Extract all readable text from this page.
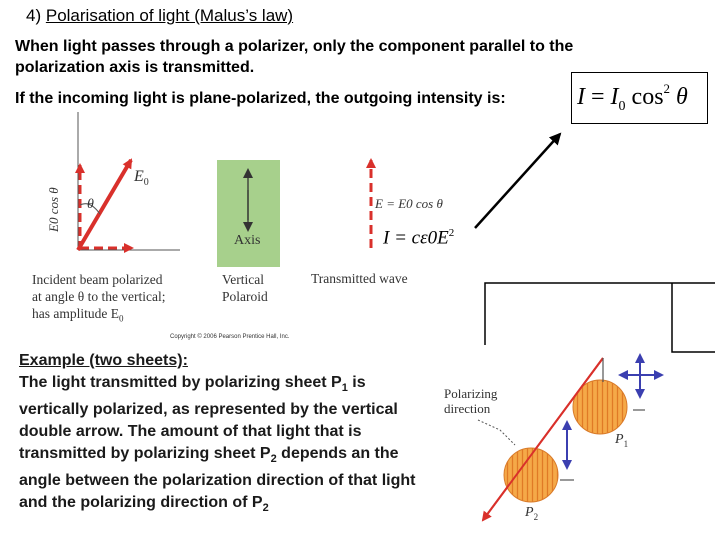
4) Polarisation of light (Malus’s law)
When light passes through a polarizer, only the component parallel to the polarization axis is transmitted.
If the incoming light is plane-polarized, the outgoing intensity is:	$I = I_0$ $\cos^2 \theta$
$E_0$
θ
E0 cos θ
Axis
E = E0 cos θ
$I = c\varepsilon 0E^2$
Incident beam polarized
at angle θ to the vertical;
has amplitude $E_0$
Vertical
Polaroid
Transmitted wave
Copyright © 2006 Pearson Prentice Hall, Inc.
Polarizing
direction
$P_1$
$P_2$
Example (two sheets):
The light transmitted by polarizing sheet $P_1$ is vertically polarized, as represented by the vertical double arrow. The amount of that light that is transmitted by polarizing sheet $P_2$ depends an the angle between the polarization direction of that light and the polarizing direction of $P_2$
